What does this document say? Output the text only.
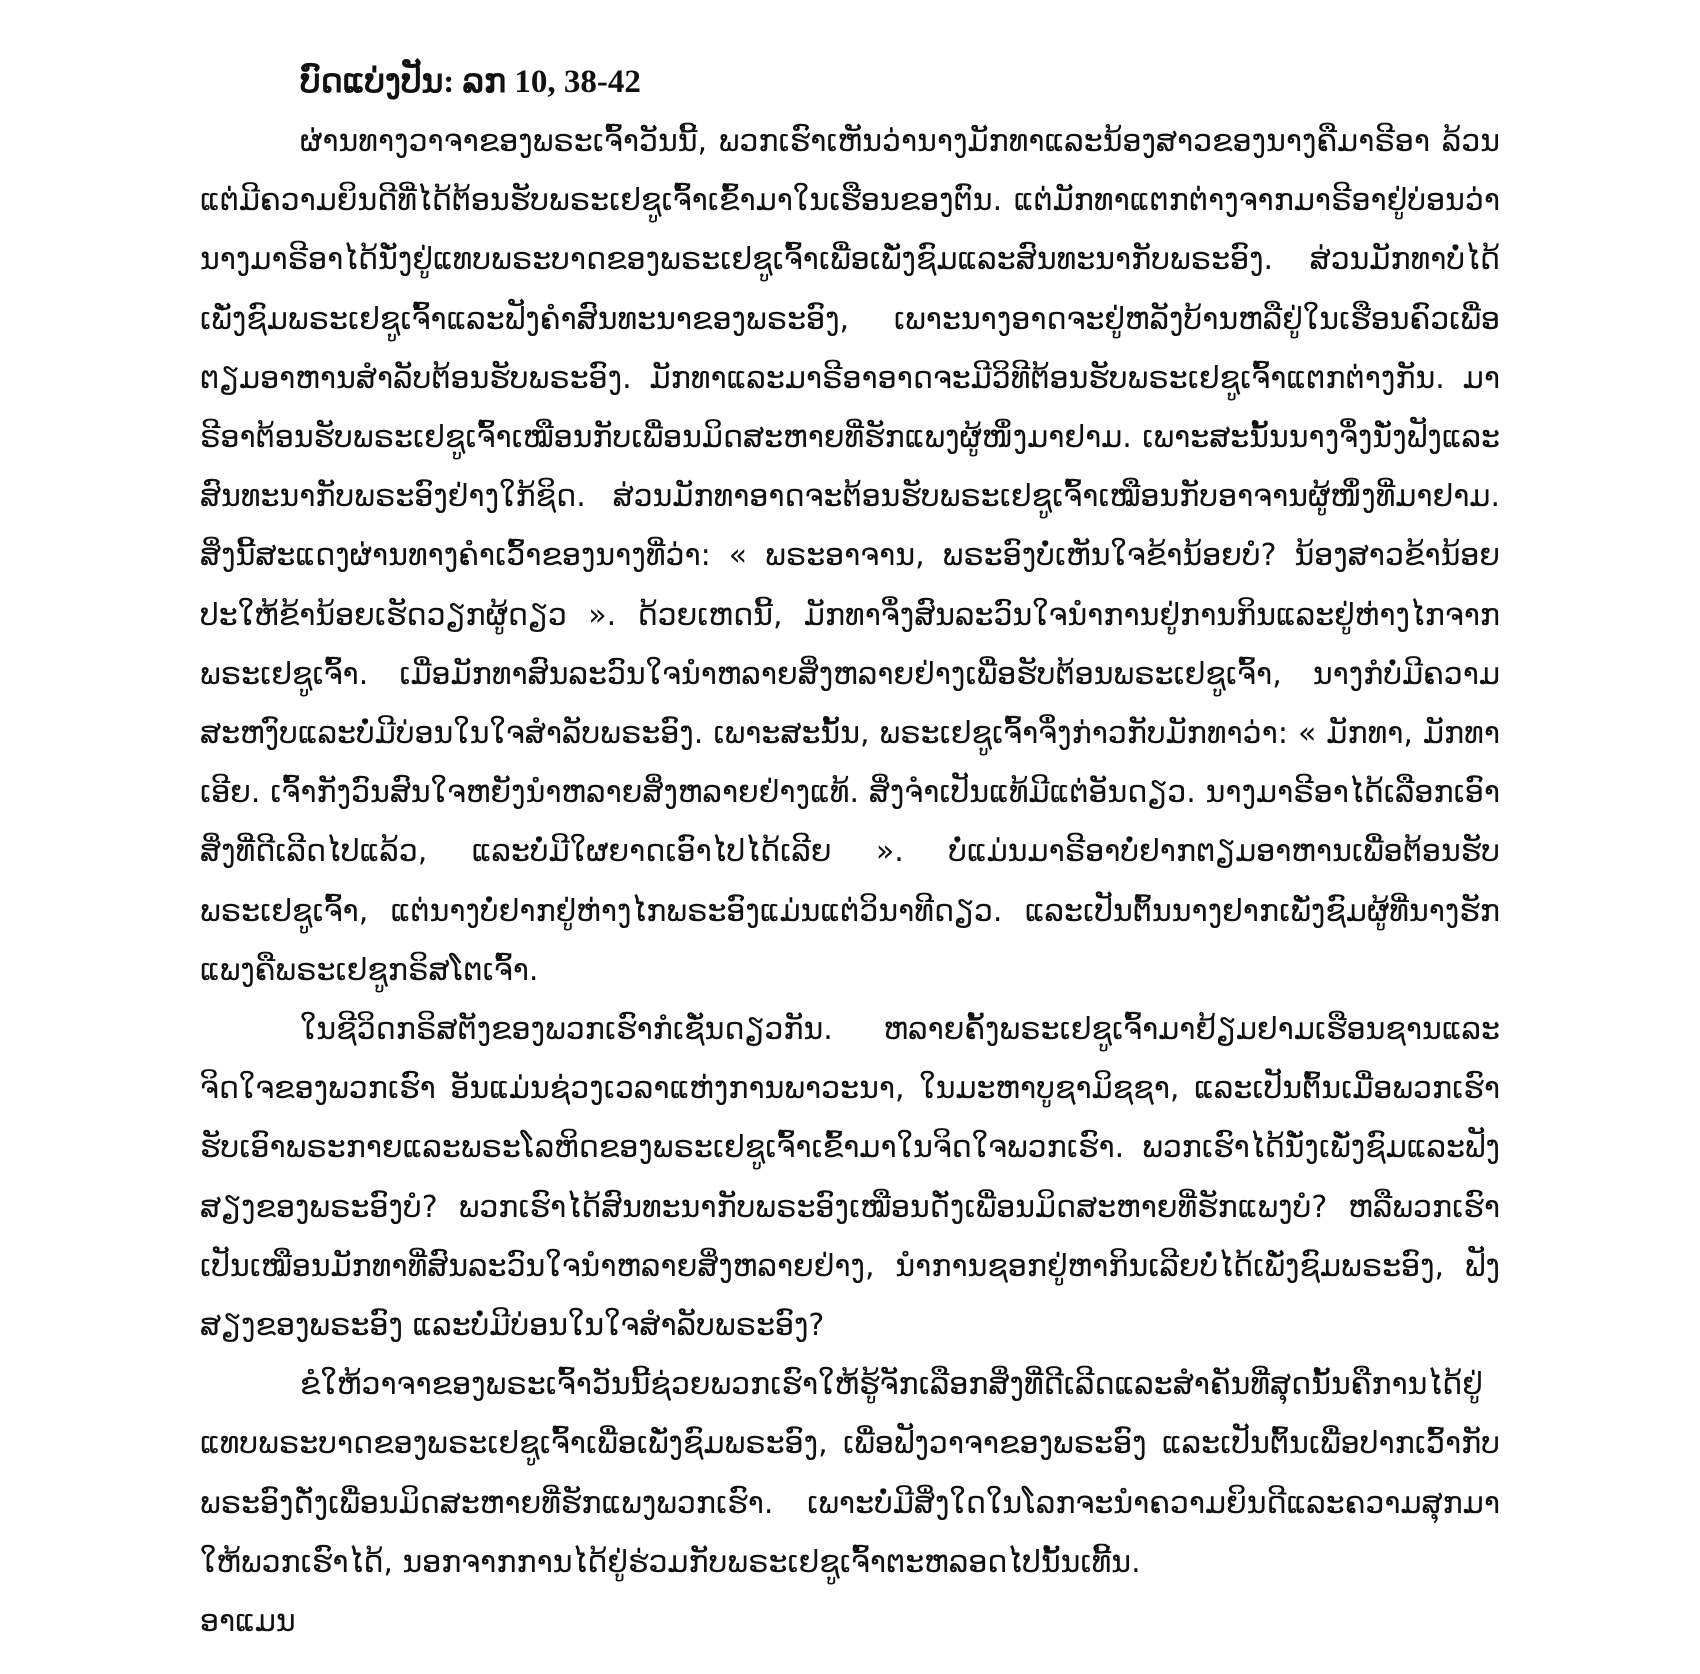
ບົດແບ່ງປັນ: ລກ 10, 38-42

ຜ່ານທາງວາຈາຂອງພຣະເຈົ້າວັນນີ້, ພວກເຮົາເຫັນວ່ານາງມັກທາແລະນ້ອງສາວຂອງນາງຄືມາຣີອາ ລ້ວນແຕ່ມີຄວາມຍິນດີທີ່ໄດ້ຕ້ອນຮັບພຣະເຢຊູເຈົ້າເຂົ້າມາໃນເຮືອນຂອງຕົນ. ແຕ່ມັກທາແຕກຕ່າງຈາກມາຣີອາຢູ່ບ່ອນວ່າ ນາງມາຣີອາໄດ້ນັ່ງຢູ່ແທບພຣະບາດຂອງພຣະເຢຊູເຈົ້າເພື່ອເພັ່ງຊົມແລະສົນທະນາກັບພຣະອົງ. ສ່ວນມັກທາບໍ່ໄດ້ເພັ່ງຊົມພຣະເຢຊູເຈົ້າແລະຟັງຄຳສົນທະນາຂອງພຣະອົງ, ເພາະນາງອາດຈະຢູ່ຫລັງບ້ານຫລືຢູ່ໃນເຮືອນຄົວເພື່ອຕຽມອາຫານສຳລັບຕ້ອນຮັບພຣະອົງ. ມັກທາແລະມາຣີອາອາດຈະມີວິທີຕ້ອນຮັບພຣະເຢຊູເຈົ້າແຕກຕ່າງກັນ. ມາຣີອາຕ້ອນຮັບພຣະເຢຊູເຈົ້າເໝືອນກັບເພື່ອນມິດສະຫາຍທີ່ຮັກແພງຜູ້ໜຶ່ງມາຢາມ. ເພາະສະນັ້ນນາງຈຶ່ງນັ່ງຟັງແລະສົນທະນາກັບພຣະອົງຢ່າງໃກ້ຊິດ. ສ່ວນມັກທາອາດຈະຕ້ອນຮັບພຣະເຢຊູເຈົ້າເໝືອນກັບອາຈານຜູ້ໜຶ່ງທີ່ມາຢາມ. ສິ່ງນີ້ສະແດງຜ່ານທາງຄຳເວົ້າຂອງນາງທີ່ວ່າ: « ພຣະອາຈານ, ພຣະອົງບໍ່ເຫັນໃຈຂ້ານ້ອຍບໍ? ນ້ອງສາວຂ້ານ້ອຍປະໃຫ້ຂ້ານ້ອຍເຮັດວຽກຜູ້ດຽວ ». ດ້ວຍເຫດນີ້, ມັກທາຈຶ່ງສົນລະວົນໃຈນຳການຢູ່ການກິນແລະຢູ່ຫ່າງໄກຈາກພຣະເຢຊູເຈົ້າ. ເມື່ອມັກທາສົນລະວົນໃຈນຳຫລາຍສິ່ງຫລາຍຢ່າງເພື່ອຮັບຕ້ອນພຣະເຢຊູເຈົ້າ, ນາງກໍບໍ່ມີຄວາມສະຫງົບແລະບໍ່ມີບ່ອນໃນໃຈສຳລັບພຣະອົງ. ເພາະສະນັ້ນ, ພຣະເຢຊູເຈົ້າຈຶ່ງກ່າວກັບມັກທາວ່າ: « ມັກທາ, ມັກທາເອີຍ. ເຈົ້າກັງວົນສົນໃຈຫຍັງນຳຫລາຍສິ່ງຫລາຍຢ່າງແທ້. ສິ່ງຈຳເປັນແທ້ມີແຕ່ອັນດຽວ. ນາງມາຣີອາໄດ້ເລືອກເອົາສິ່ງທີ່ດີເລີດໄປແລ້ວ, ແລະບໍ່ມີໃຜຍາດເອົາໄປໄດ້ເລີຍ ». ບໍ່ແມ່ນມາຣີອາບໍ່ຢາກຕຽມອາຫານເພື່ອຕ້ອນຮັບພຣະເຢຊູເຈົ້າ, ແຕ່ນາງບໍ່ຢາກຢູ່ຫ່າງໄກພຣະອົງແມ່ນແຕ່ວິນາທີດຽວ. ແລະເປັນຕົ້ນນາງຢາກເພັ່ງຊົມຜູ້ທີ່ນາງຮັກແພງຄືພຣະເຢຊູກຣິສໂຕເຈົ້າ.

ໃນຊີວິດກຣິສຕັງຂອງພວກເຮົາກໍເຊັ່ນດຽວກັນ. ຫລາຍຄັ້ງພຣະເຢຊູເຈົ້າມາຢ້ຽມຢາມເຮືອນຊານແລະຈິດໃຈຂອງພວກເຮົາ ອັນແມ່ນຊ່ວງເວລາແຫ່ງການພາວະນາ, ໃນມະຫາບູຊາມິຊຊາ, ແລະເປັນຕົ້ນເມື່ອພວກເຮົາຮັບເອົາພຣະກາຍແລະພຣະໂລຫິດຂອງພຣະເຢຊູເຈົ້າເຂົ້າມາໃນຈິດໃຈພວກເຮົາ. ພວກເຮົາໄດ້ນັ່ງເພັ່ງຊົມແລະຟັງສຽງຂອງພຣະອົງບໍ? ພວກເຮົາໄດ້ສົນທະນາກັບພຣະອົງເໝືອນດັ່ງເພື່ອນມິດສະຫາຍທີ່ຮັກແພງບໍ? ຫລືພວກເຮົາເປັນເໝືອນມັກທາທີ່ສົນລະວົນໃຈນຳຫລາຍສິ່ງຫລາຍຢ່າງ, ນຳການຊອກຢູ່ຫາກິນເລີຍບໍ່ໄດ້ເພັ່ງຊົມພຣະອົງ, ຟັງສຽງຂອງພຣະອົງ ແລະບໍ່ມີບ່ອນໃນໃຈສຳລັບພຣະອົງ?

ຂໍໃຫ້ວາຈາຂອງພຣະເຈົ້າວັນນີ້ຊ່ວຍພວກເຮົາໃຫ້ຮູ້ຈັກເລືອກສິ່ງທີ່ດີເລີດແລະສຳຄັນທີ່ສຸດນັ້ນຄືການໄດ້ຢູ່ແທບພຣະບາດຂອງພຣະເຢຊູເຈົ້າເພື່ອເພັ່ງຊົມພຣະອົງ, ເພື່ອຟັງວາຈາຂອງພຣະອົງ ແລະເປັນຕົ້ນເພື່ອປາກເວົ້າກັບພຣະອົງດັ່ງເພື່ອນມິດສະຫາຍທີ່ຮັກແພງພວກເຮົາ. ເພາະບໍ່ມີສິ່ງໃດໃນໂລກຈະນຳຄວາມຍິນດີແລະຄວາມສຸກມາໃຫ້ພວກເຮົາໄດ້, ນອກຈາກການໄດ້ຢູ່ຮ່ວມກັບພຣະເຢຊູເຈົ້າຕະຫລອດໄປນັ້ນເທີ້ນ.

ອາແມນ
